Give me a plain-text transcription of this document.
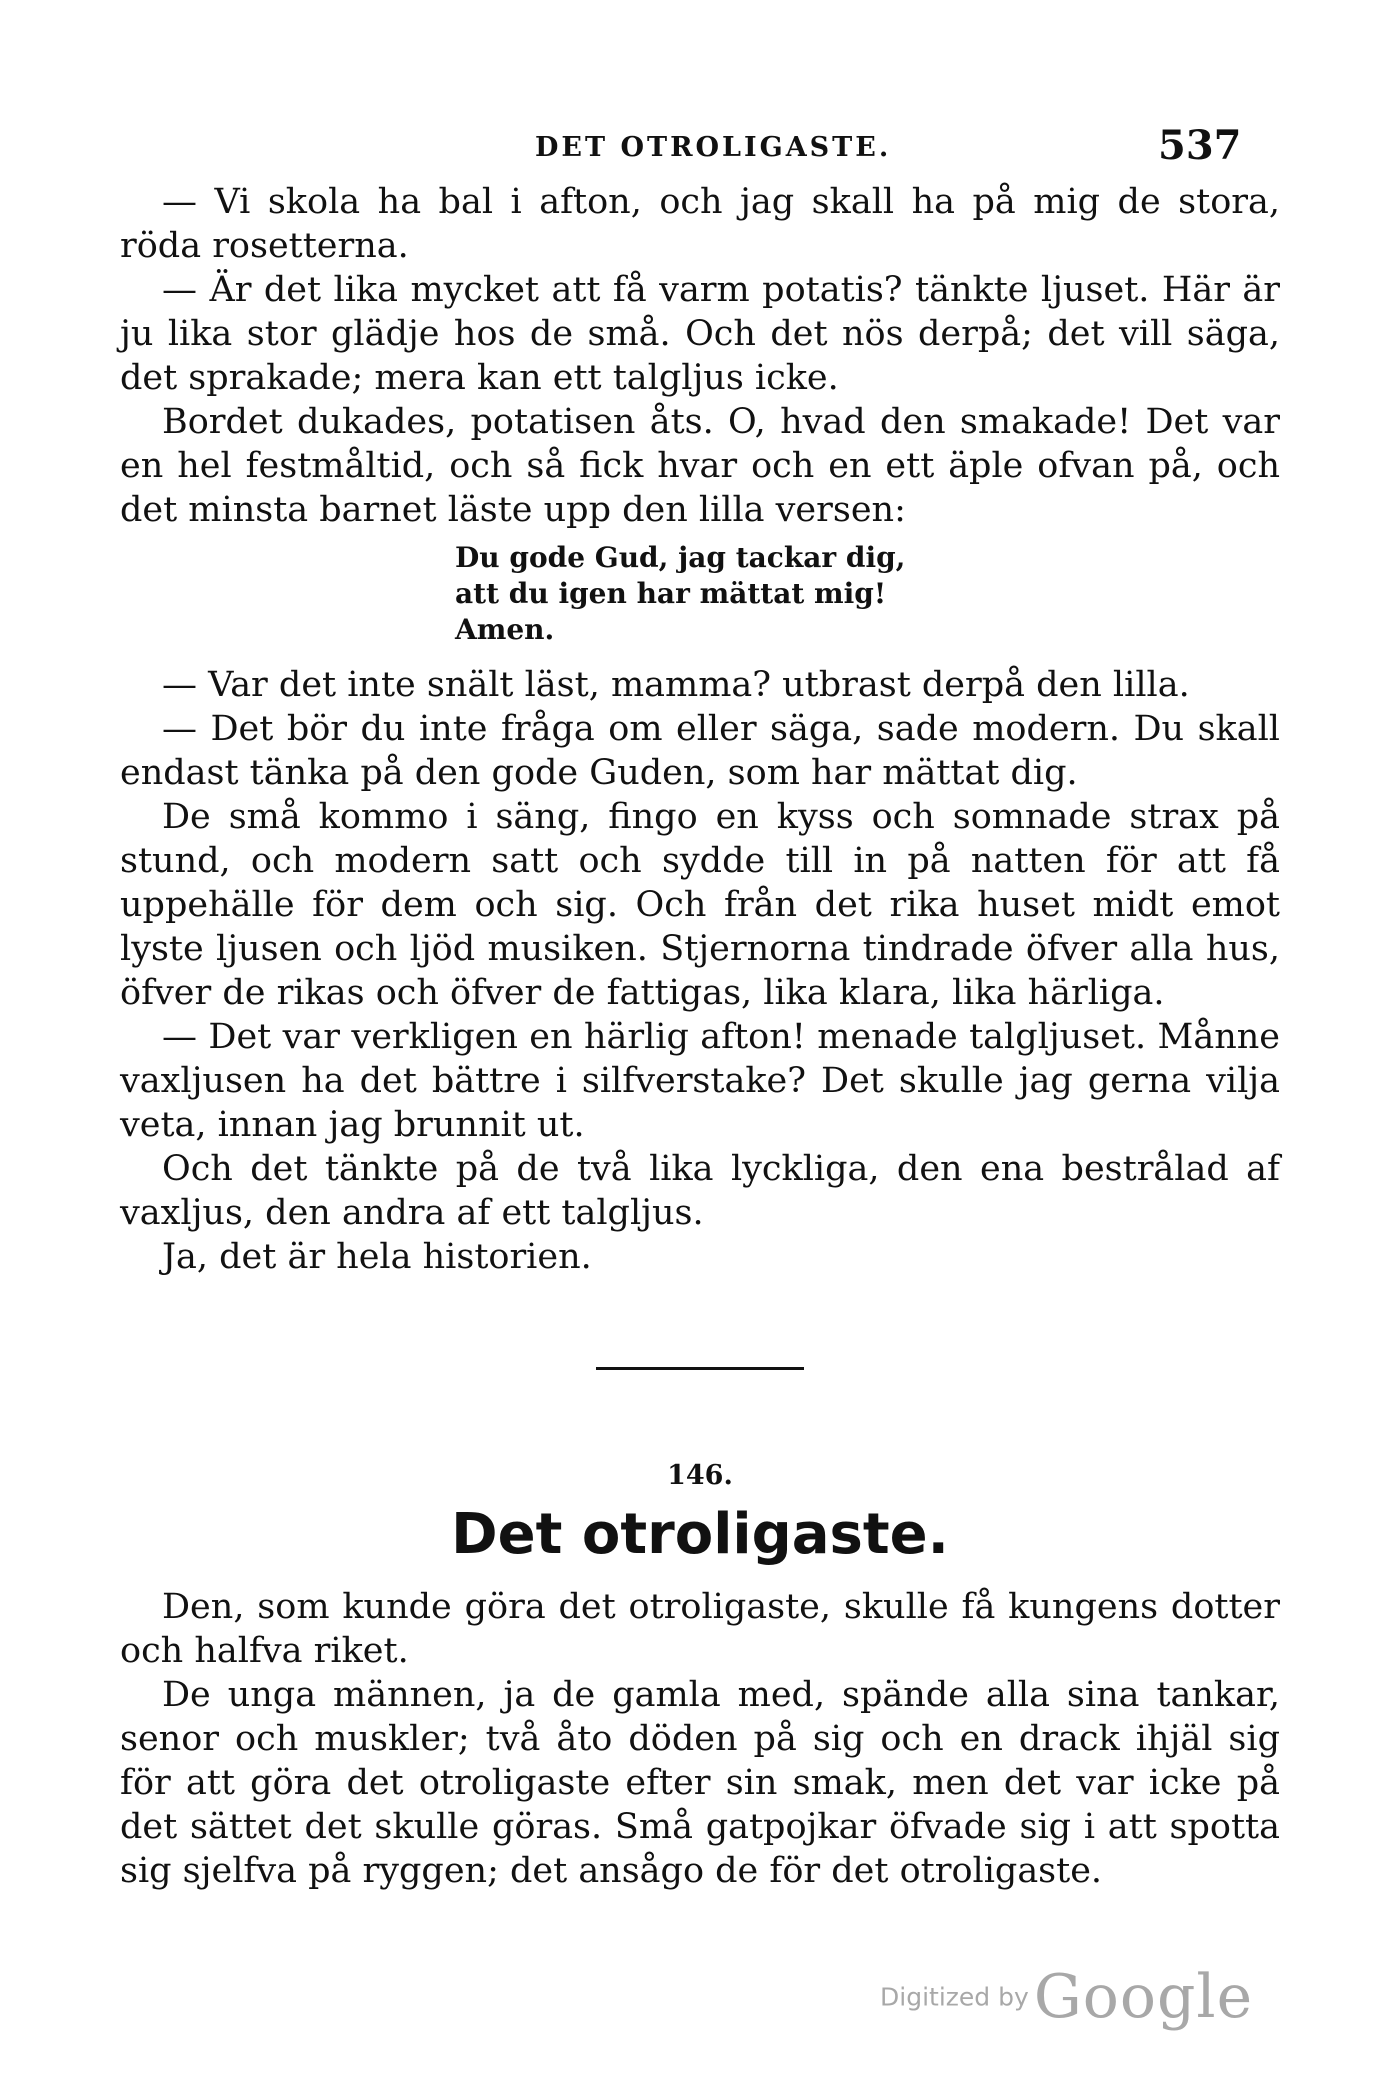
DET OTROLIGASTE.	537

— Vi skola ha bal i afton, och jag skall ha på mig de stora, röda rosetterna.

— Är det lika mycket att få varm potatis? tänkte ljuset. Här är ju lika stor glädje hos de små. Och det nös derpå; det vill säga, det sprakade; mera kan ett talgljus icke.

Bordet dukades, potatisen åts. O, hvad den smakade! Det var en hel festmåltid, och så fick hvar och en ett äple ofvan på, och det minsta barnet läste upp den lilla versen:

Du gode Gud, jag tackar dig,
att du igen har mättat mig!
Amen.

— Var det inte snält läst, mamma? utbrast derpå den lilla.

— Det bör du inte fråga om eller säga, sade modern. Du skall endast tänka på den gode Guden, som har mättat dig.

De små kommo i säng, fingo en kyss och somnade strax på stund, och modern satt och sydde till in på natten för att få uppehälle för dem och sig. Och från det rika huset midt emot lyste ljusen och ljöd musiken. Stjernorna tindrade öfver alla hus, öfver de rikas och öfver de fattigas, lika klara, lika härliga.

— Det var verkligen en härlig afton! menade talgljuset. Månne vaxljusen ha det bättre i silfverstake? Det skulle jag gerna vilja veta, innan jag brunnit ut.

Och det tänkte på de två lika lyckliga, den ena bestrålad af vaxljus, den andra af ett talgljus.

Ja, det är hela historien.

146.
Det otroligaste.

Den, som kunde göra det otroligaste, skulle få kungens dotter och halfva riket.

De unga männen, ja de gamla med, spände alla sina tankar, senor och muskler; två åto döden på sig och en drack ihjäl sig för att göra det otroligaste efter sin smak, men det var icke på det sättet det skulle göras. Små gatpojkar öfvade sig i att spotta sig sjelfva på ryggen; det ansågo de för det otroligaste.

Digitized by Google
